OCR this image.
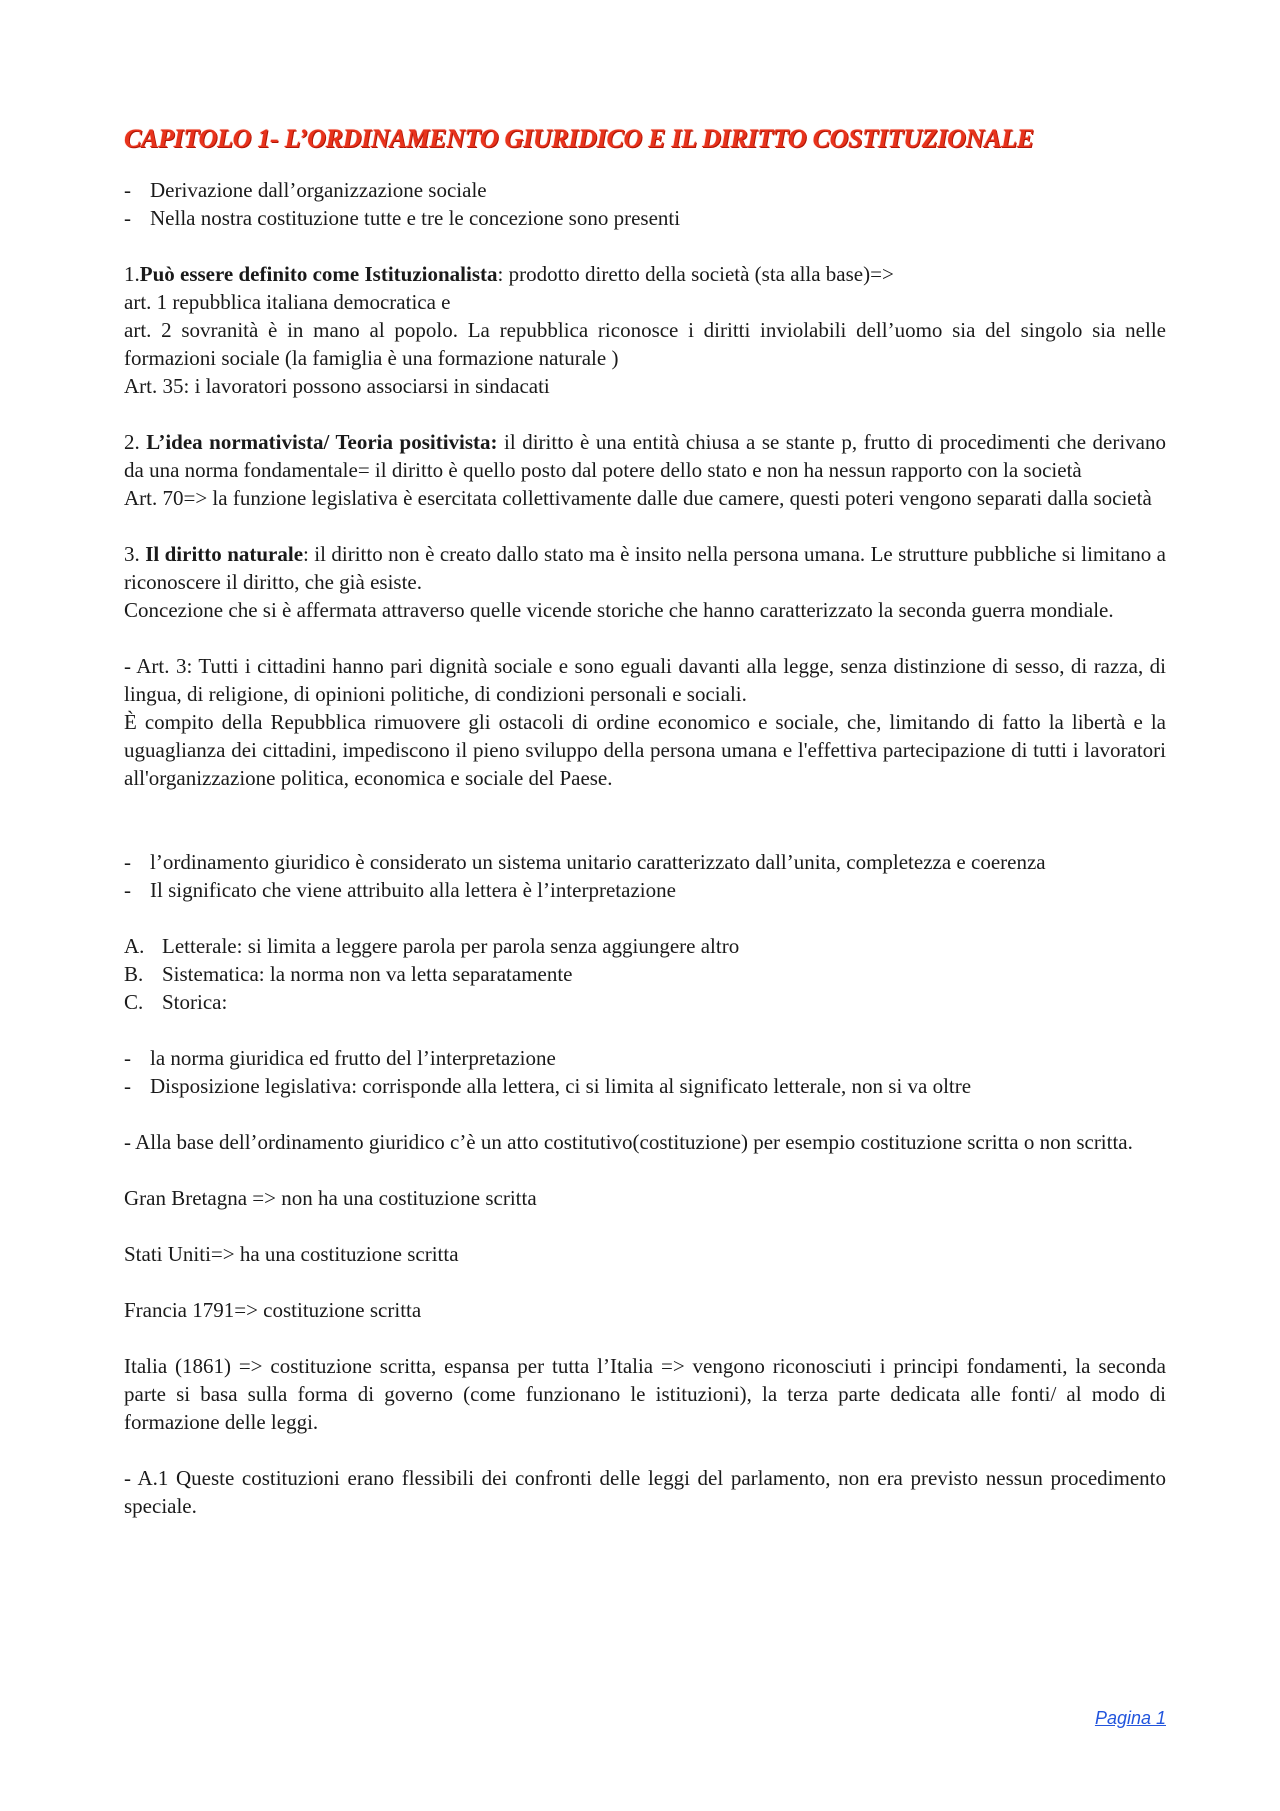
CAPITOLO 1- L’ORDINAMENTO GIURIDICO E IL DIRITTO COSTITUZIONALE
- Derivazione dall’organizzazione sociale
- Nella nostra costituzione tutte e tre le concezione sono presenti

1.Può essere definito come Istituzionalista: prodotto diretto della società (sta alla base)=>

art. 1 repubblica italiana democratica e

art. 2 sovranità è in mano al popolo. La repubblica riconosce i diritti inviolabili dell’uomo sia del singolo sia nelle formazioni sociale (la famiglia è una formazione naturale )

Art. 35: i lavoratori possono associarsi in sindacati

2. L’idea normativista/ Teoria positivista: il diritto è una entità chiusa a se stante p, frutto di procedimenti che derivano da una norma fondamentale= il diritto è quello posto dal potere dello stato e non ha nessun rapporto con la società

Art. 70=> la funzione legislativa è esercitata collettivamente dalle due camere, questi poteri vengono separati dalla società

3. Il diritto naturale: il diritto non è creato dallo stato ma è insito nella persona umana. Le strutture pubbliche si limitano a riconoscere il diritto, che già esiste.

Concezione che si è affermata attraverso quelle vicende storiche che hanno caratterizzato la seconda guerra mondiale.

- Art. 3: Tutti i cittadini hanno pari dignità sociale e sono eguali davanti alla legge, senza distinzione di sesso, di razza, di lingua, di religione, di opinioni politiche, di condizioni personali e sociali.

È compito della Repubblica rimuovere gli ostacoli di ordine economico e sociale, che, limitando di fatto la libertà e la uguaglianza dei cittadini, impediscono il pieno sviluppo della persona umana e l'effettiva partecipazione di tutti i lavoratori all'organizzazione politica, economica e sociale del Paese.

- l’ordinamento giuridico è considerato un sistema unitario caratterizzato dall’unita, completezza e coerenza
- Il significato che viene attribuito alla lettera è l’interpretazione
A. Letterale: si limita a leggere parola per parola senza aggiungere altro
B. Sistematica: la norma non va letta separatamente
C. Storica:
- la norma giuridica ed frutto del l’interpretazione
- Disposizione legislativa: corrisponde alla lettera, ci si limita al significato letterale, non si va oltre

- Alla base dell’ordinamento giuridico c’è un atto costitutivo(costituzione) per esempio costituzione scritta o non scritta.

Gran Bretagna => non ha una costituzione scritta

Stati Uniti=> ha una costituzione scritta

Francia 1791=> costituzione scritta

Italia (1861) => costituzione scritta, espansa per tutta l’Italia => vengono riconosciuti i principi fondamenti, la seconda parte si basa sulla forma di governo (come funzionano le istituzioni), la terza parte dedicata alle fonti/ al modo di formazione delle leggi.

- A.1 Queste costituzioni erano flessibili dei confronti delle leggi del parlamento, non era previsto nessun procedimento speciale.

Pagina 1
